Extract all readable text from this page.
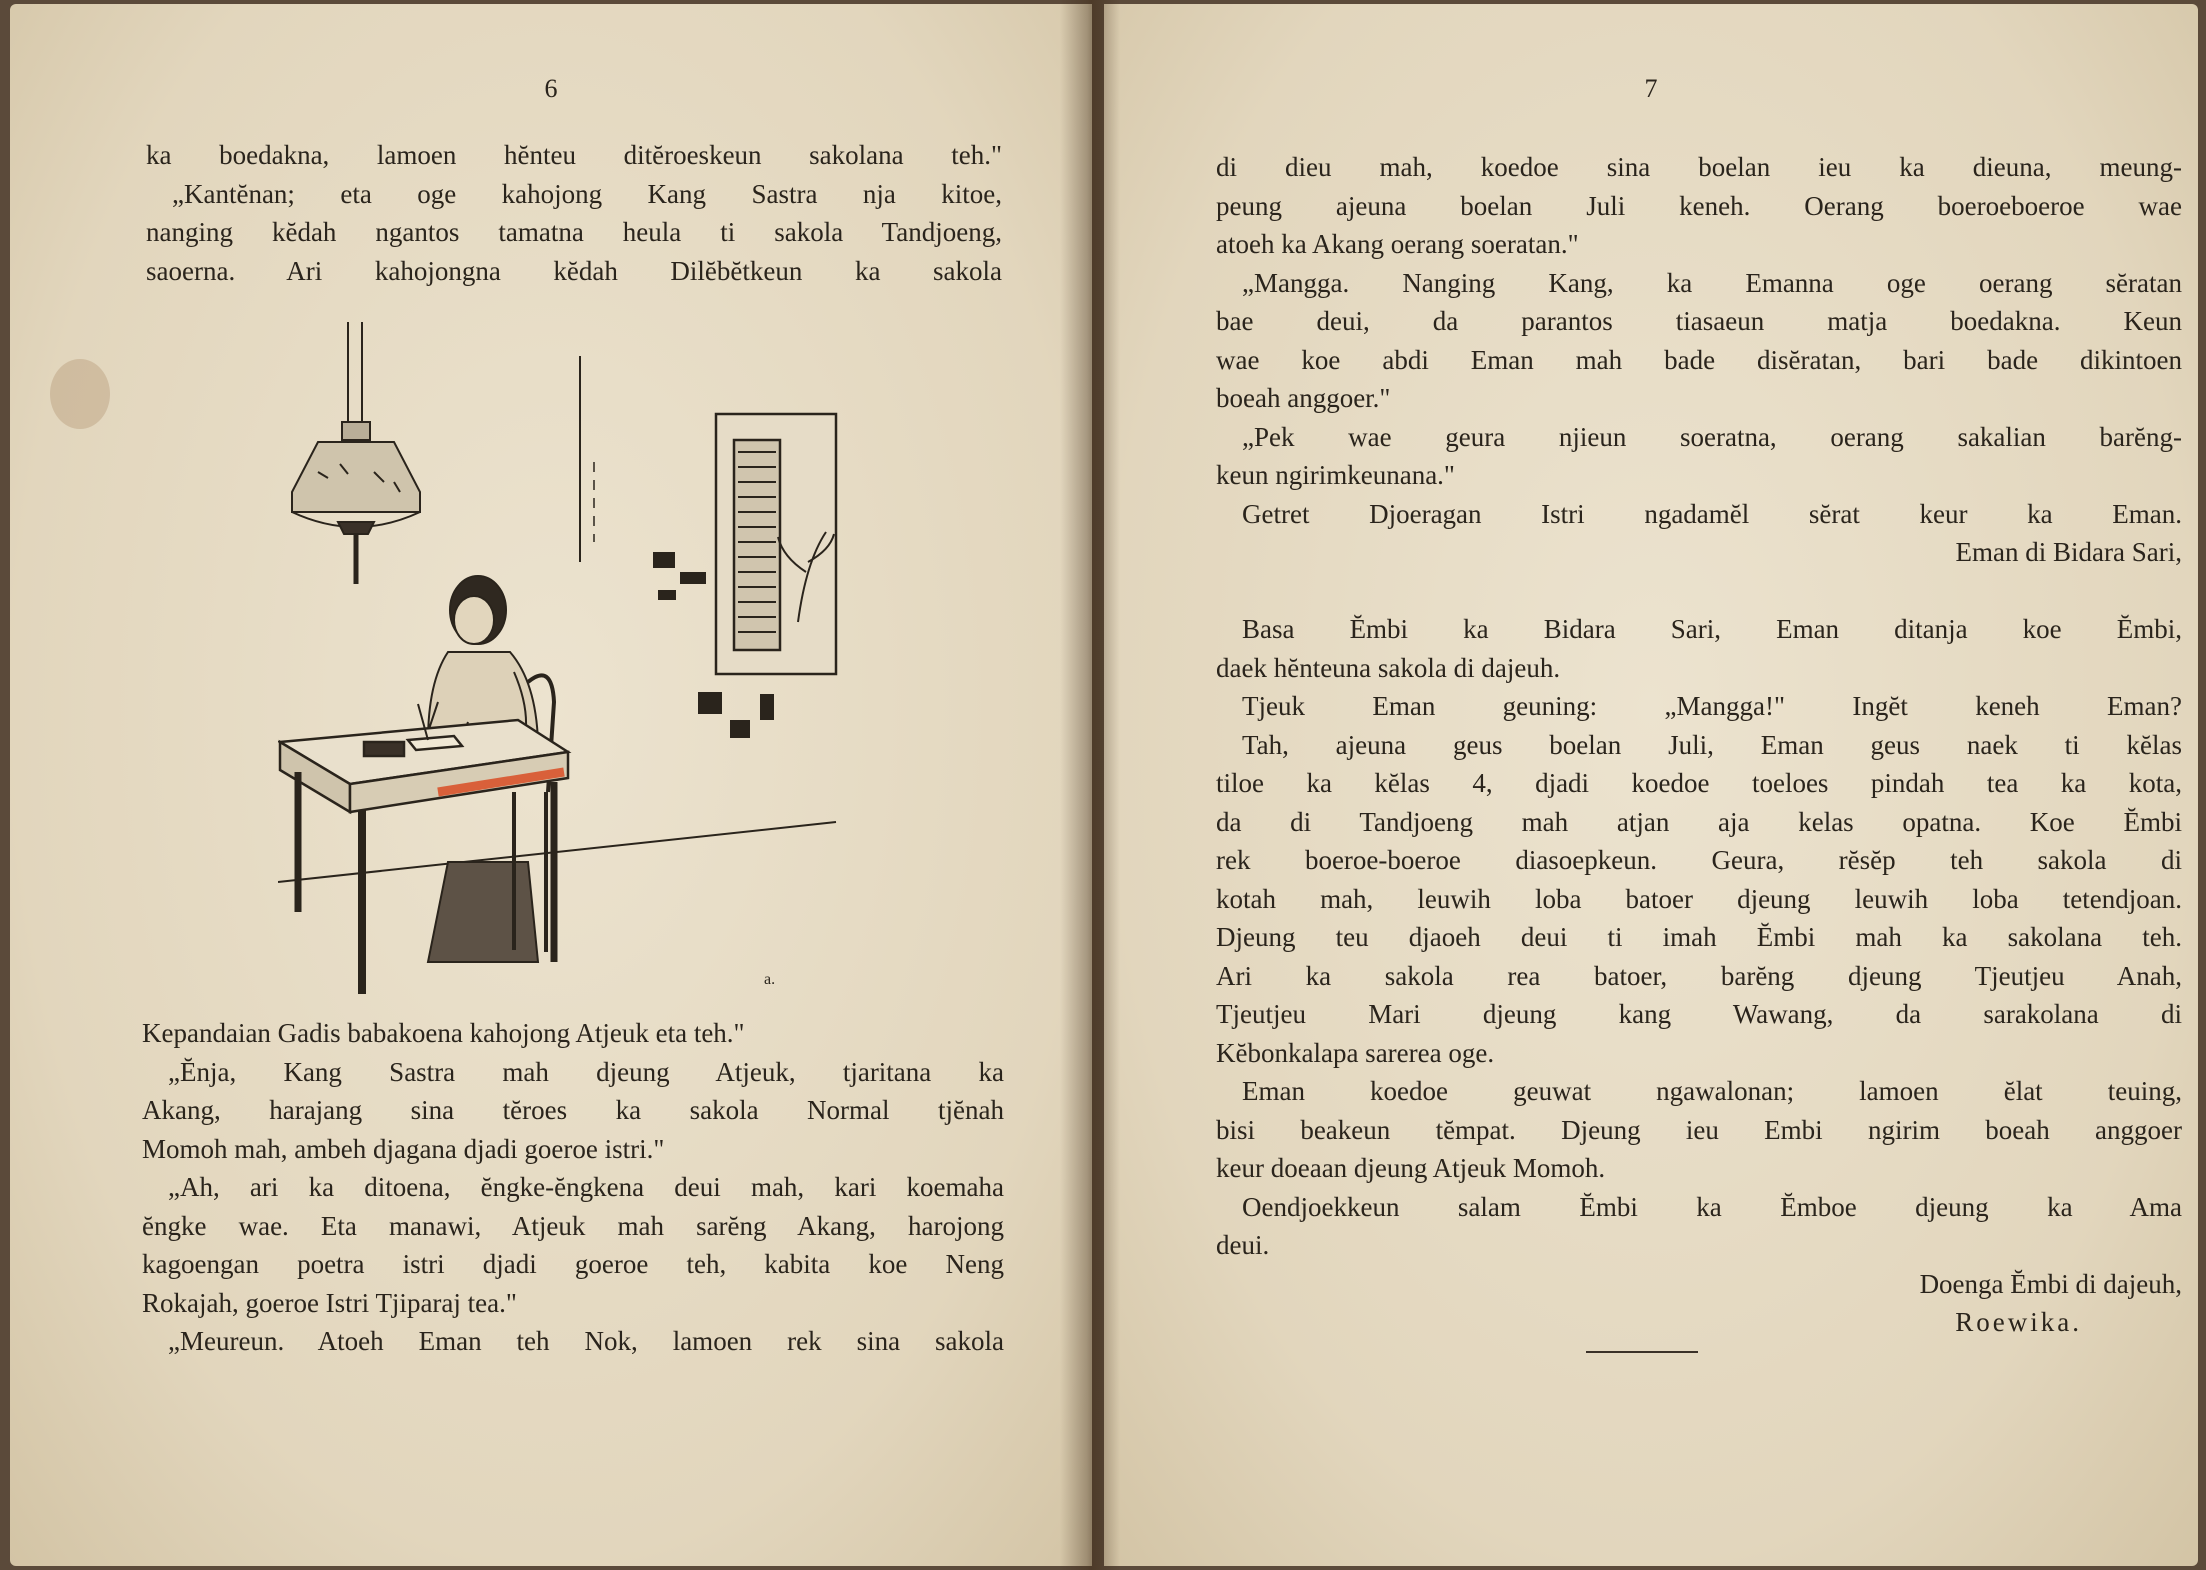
6
ka boedakna, lamoen hĕnteu ditĕroeskeun sakolana teh."
„Kantĕnan; eta oge kahojong Kang Sastra nja kitoe,
nanging kĕdah ngantos tamatna heula ti sakola Tandjoeng,
saoerna. Ari kahojongna kĕdah Dilĕbĕtkeun ka sakola
a.
Kepandaian Gadis babakoena kahojong Atjeuk eta teh."
„Ĕnja, Kang Sastra mah djeung Atjeuk, tjaritana ka
Akang, harajang sina tĕroes ka sakola Normal tjĕnah
Momoh mah, ambeh djagana djadi goeroe istri."
„Ah, ari ka ditoena, ĕngke-ĕngkena deui mah, kari koemaha
ĕngke wae. Eta manawi, Atjeuk mah sarĕng Akang, harojong
kagoengan poetra istri djadi goeroe teh, kabita koe Neng
Rokajah, goeroe Istri Tjiparaj tea."
„Meureun. Atoeh Eman teh Nok, lamoen rek sina sakola
7
di dieu mah, koedoe sina boelan ieu ka dieuna, meung-
peung ajeuna boelan Juli keneh. Oerang boeroeboeroe wae
atoeh ka Akang oerang soeratan."
„Mangga. Nanging Kang, ka Emanna oge oerang sĕratan
bae deui, da parantos tiasaeun matja boedakna. Keun
wae koe abdi Eman mah bade disĕratan, bari bade dikintoen
boeah anggoer."
„Pek wae geura njieun soeratna, oerang sakalian barĕng-
keun ngirimkeunana."
Getret Djoeragan Istri ngadamĕl sĕrat keur ka Eman.
Eman di Bidara Sari,
Basa Ĕmbi ka Bidara Sari, Eman ditanja koe Ĕmbi,
daek hĕnteuna sakola di dajeuh.
Tjeuk Eman geuning: „Mangga!" Ingĕt keneh Eman?
Tah, ajeuna geus boelan Juli, Eman geus naek ti kĕlas
tiloe ka kĕlas 4, djadi koedoe toeloes pindah tea ka kota,
da di Tandjoeng mah atjan aja kelas opatna. Koe Ĕmbi
rek boeroe-boeroe diasoepkeun. Geura, rĕsĕp teh sakola di
kotah mah, leuwih loba batoer djeung leuwih loba tetendjoan.
Djeung teu djaoeh deui ti imah Ĕmbi mah ka sakolana teh.
Ari ka sakola rea batoer, barĕng djeung Tjeutjeu Anah,
Tjeutjeu Mari djeung kang Wawang, da sarakolana di
Kĕbonkalapa sarerea oge.
Eman koedoe geuwat ngawalonan; lamoen ĕlat teuing,
bisi beakeun tĕmpat. Djeung ieu Embi ngirim boeah anggoer
keur doeaan djeung Atjeuk Momoh.
Oendjoekkeun salam Ĕmbi ka Ĕmboe djeung ka Ama
deui.
Doenga Ĕmbi di dajeuh,
Roewika.
